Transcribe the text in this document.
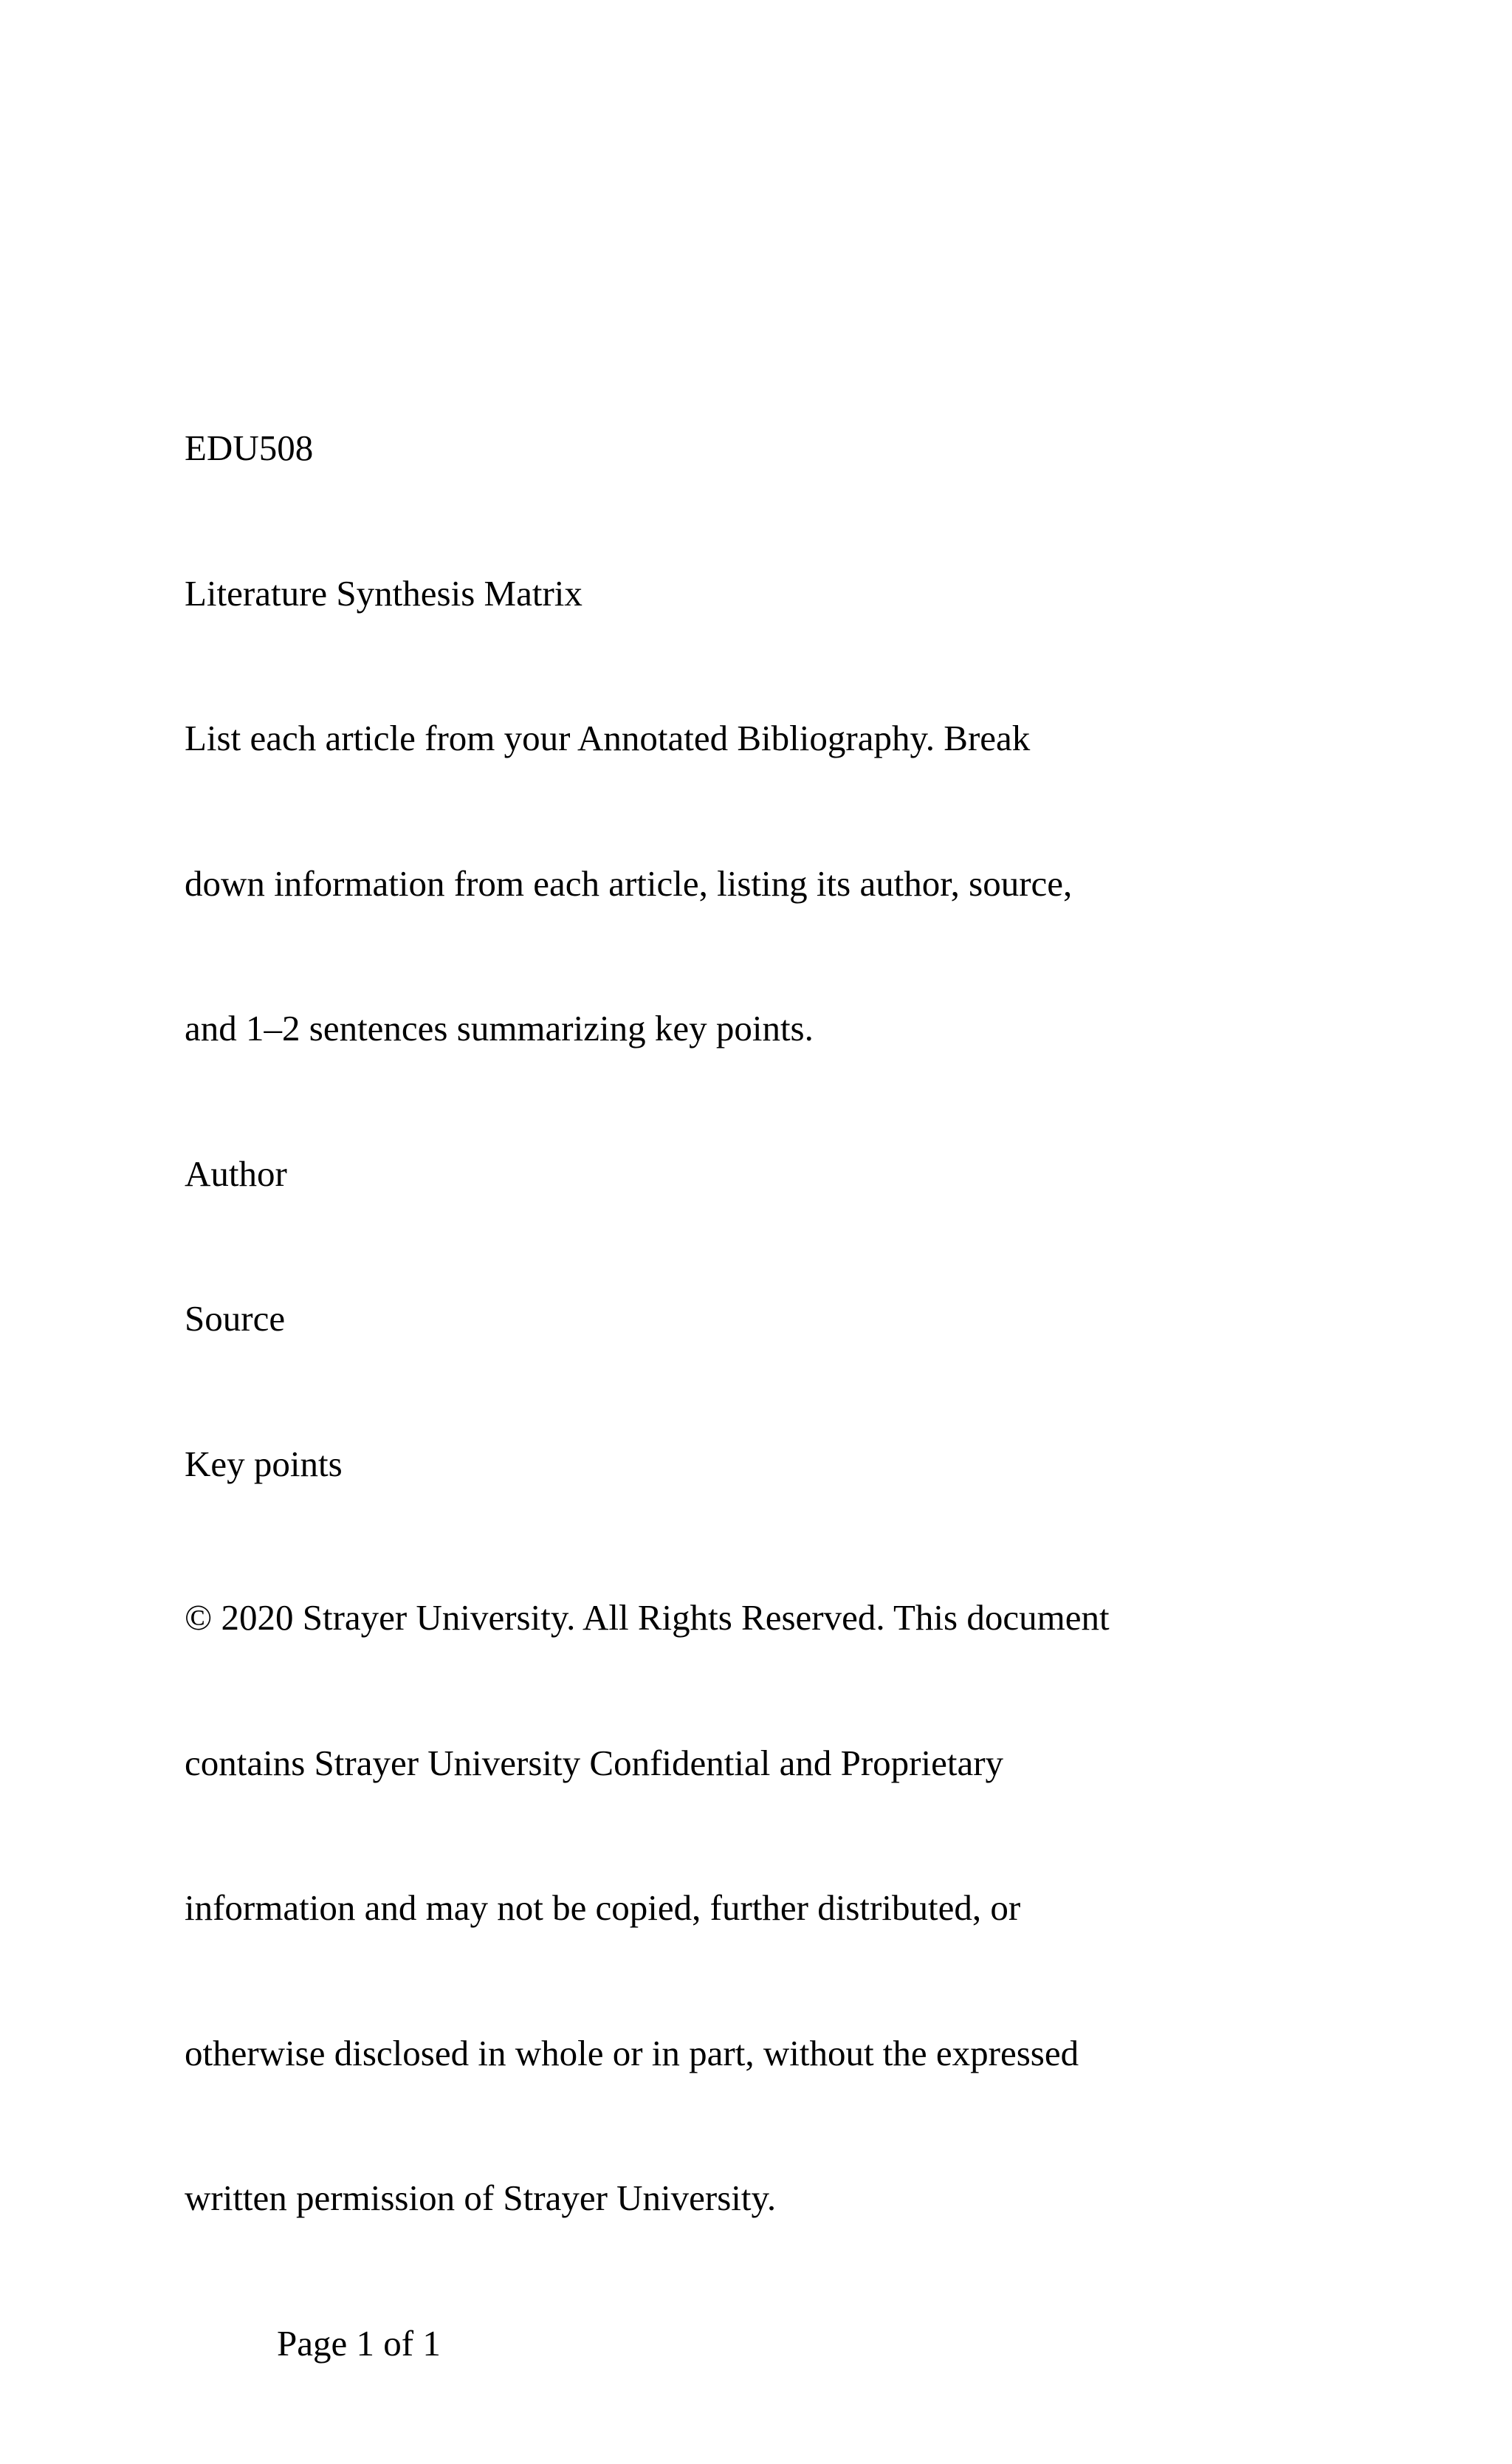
EDU508

Literature Synthesis Matrix

List each article from your Annotated Bibliography. Break

down information from each article, listing its author, source,

and 1–2 sentences summarizing key points.

Author

Source

Key points

© 2020 Strayer University. All Rights Reserved. This document

contains Strayer University Confidential and Proprietary

information and may not be copied, further distributed, or

otherwise disclosed in whole or in part, without the expressed

written permission of Strayer University.

Page 1 of 1
